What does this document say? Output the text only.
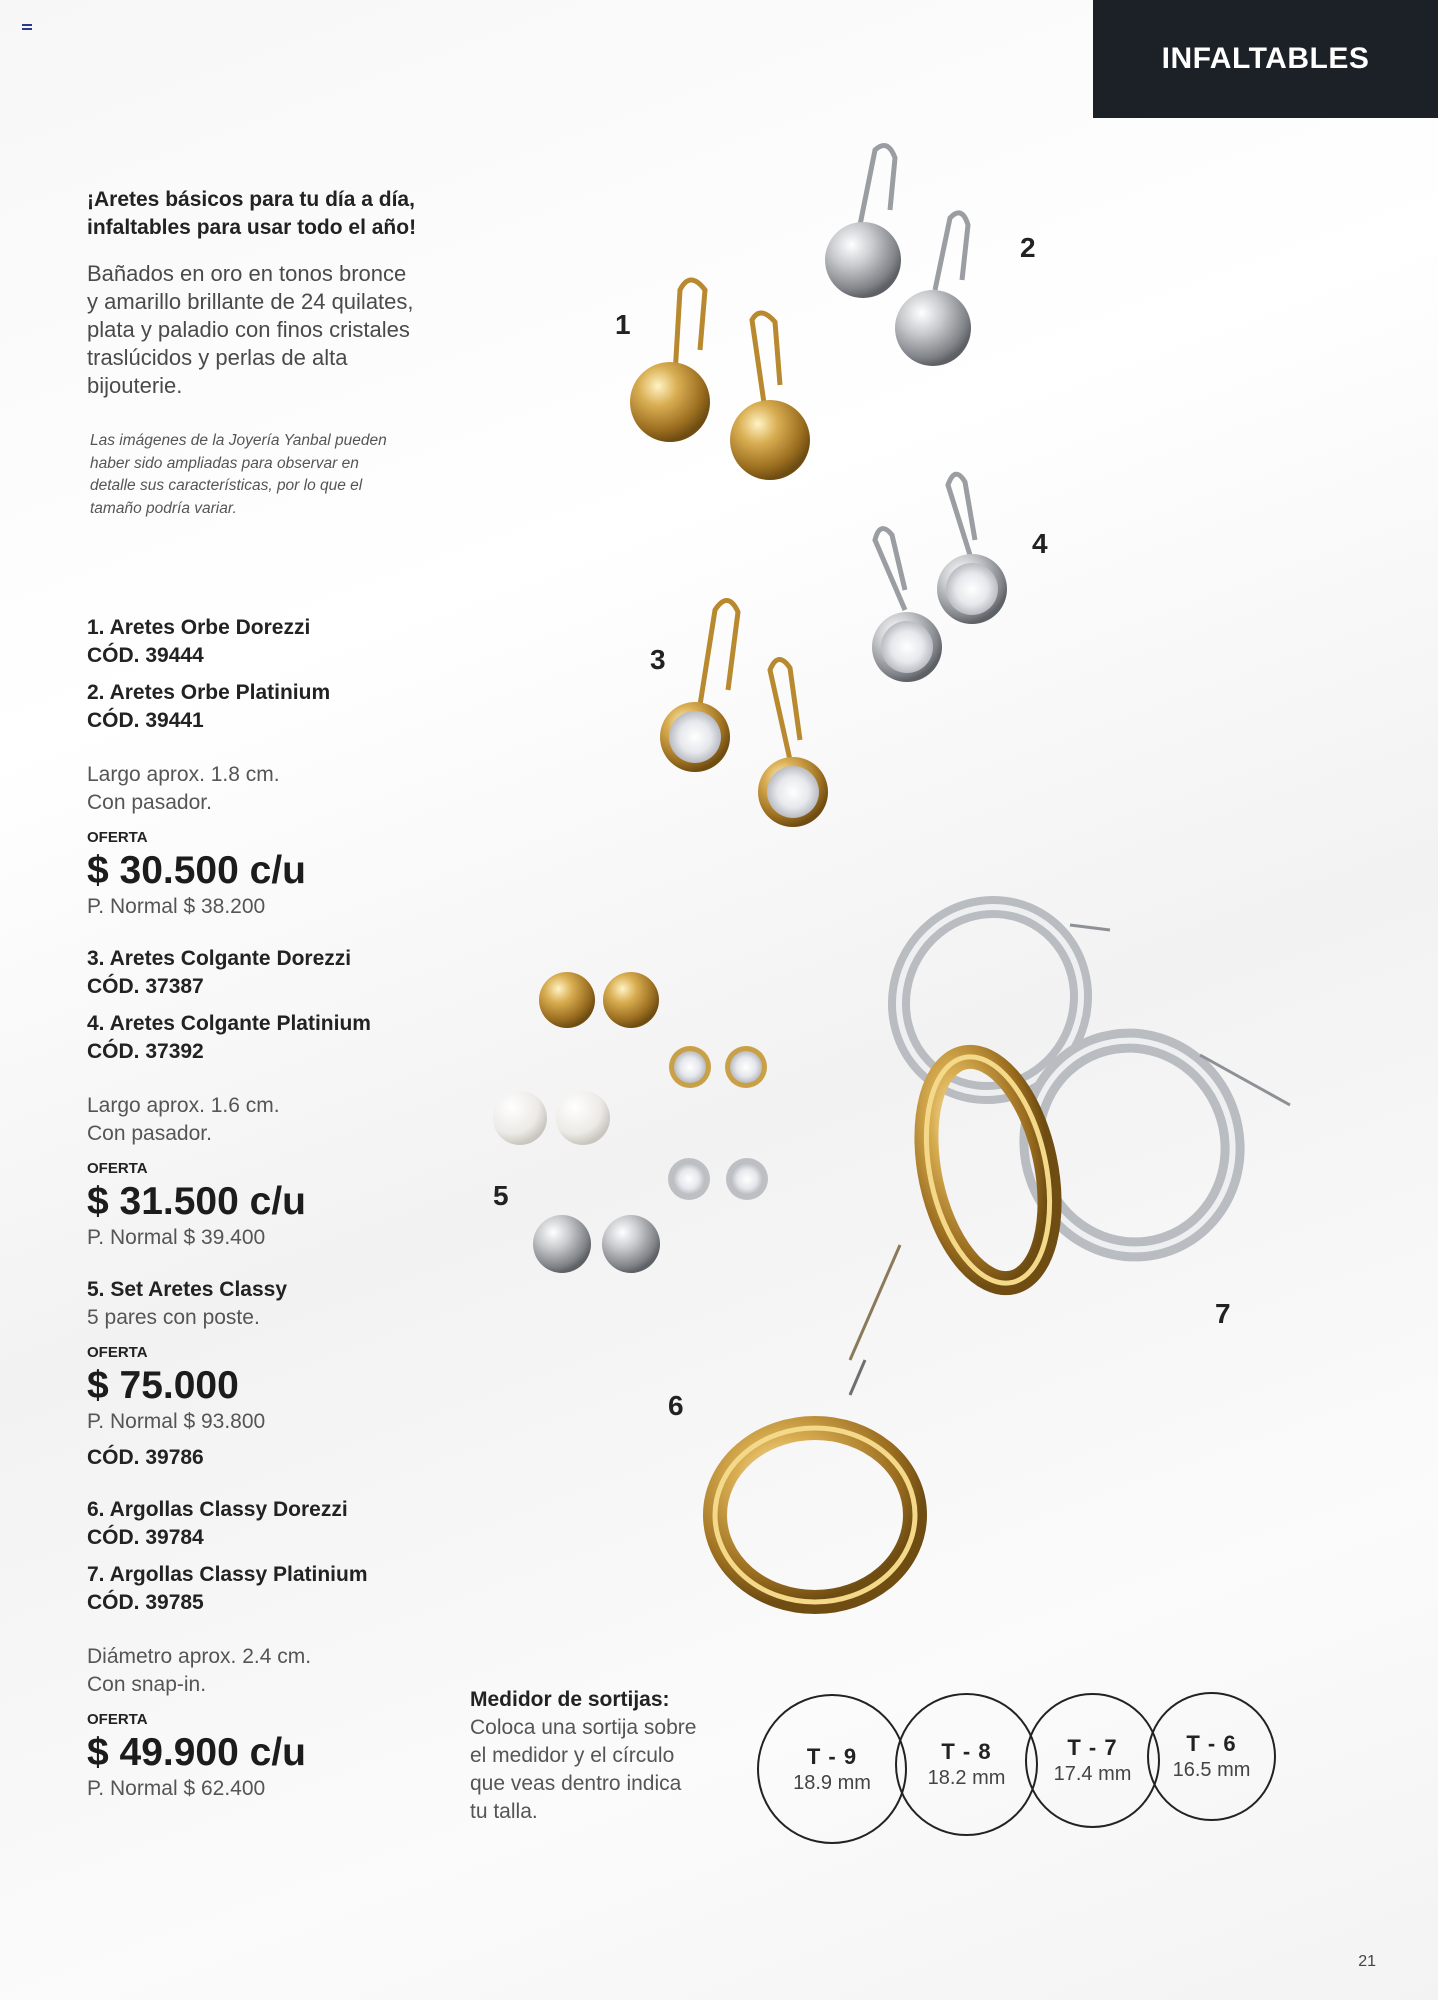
INFALTABLES
¡Aretes básicos para tu día a día,
infaltables para usar todo el año!
Bañados en oro en tonos bronce
y amarillo brillante de 24 quilates,
plata y paladio con finos cristales
traslúcidos y perlas de alta
bijouterie.
Las imágenes de la Joyería Yanbal pueden
haber sido ampliadas para observar en
detalle sus características, por lo que el
tamaño podría variar.
1. Aretes Orbe Dorezzi
CÓD. 39444
2. Aretes Orbe Platinium
CÓD. 39441
Largo aprox. 1.8 cm.
Con pasador.
OFERTA
$ 30.500 c/u
P. Normal $ 38.200
3. Aretes Colgante Dorezzi
CÓD. 37387
4. Aretes Colgante Platinium
CÓD. 37392
Largo aprox. 1.6 cm.
Con pasador.
OFERTA
$ 31.500 c/u
P. Normal $ 39.400
5. Set Aretes Classy
5 pares con poste.
OFERTA
$ 75.000
P. Normal $ 93.800
CÓD. 39786
6. Argollas Classy Dorezzi
CÓD. 39784
7. Argollas Classy Platinium
CÓD. 39785
Diámetro aprox. 2.4 cm.
Con snap-in.
OFERTA
$ 49.900 c/u
P. Normal $ 62.400
1
2
3
4
5
6
7
Medidor de sortijas:
Coloca una sortija sobre
el medidor y el círculo
que veas dentro indica
tu talla.
T - 9
18.9 mm
T - 8
18.2 mm
T - 7
17.4 mm
T - 6
16.5 mm
21
